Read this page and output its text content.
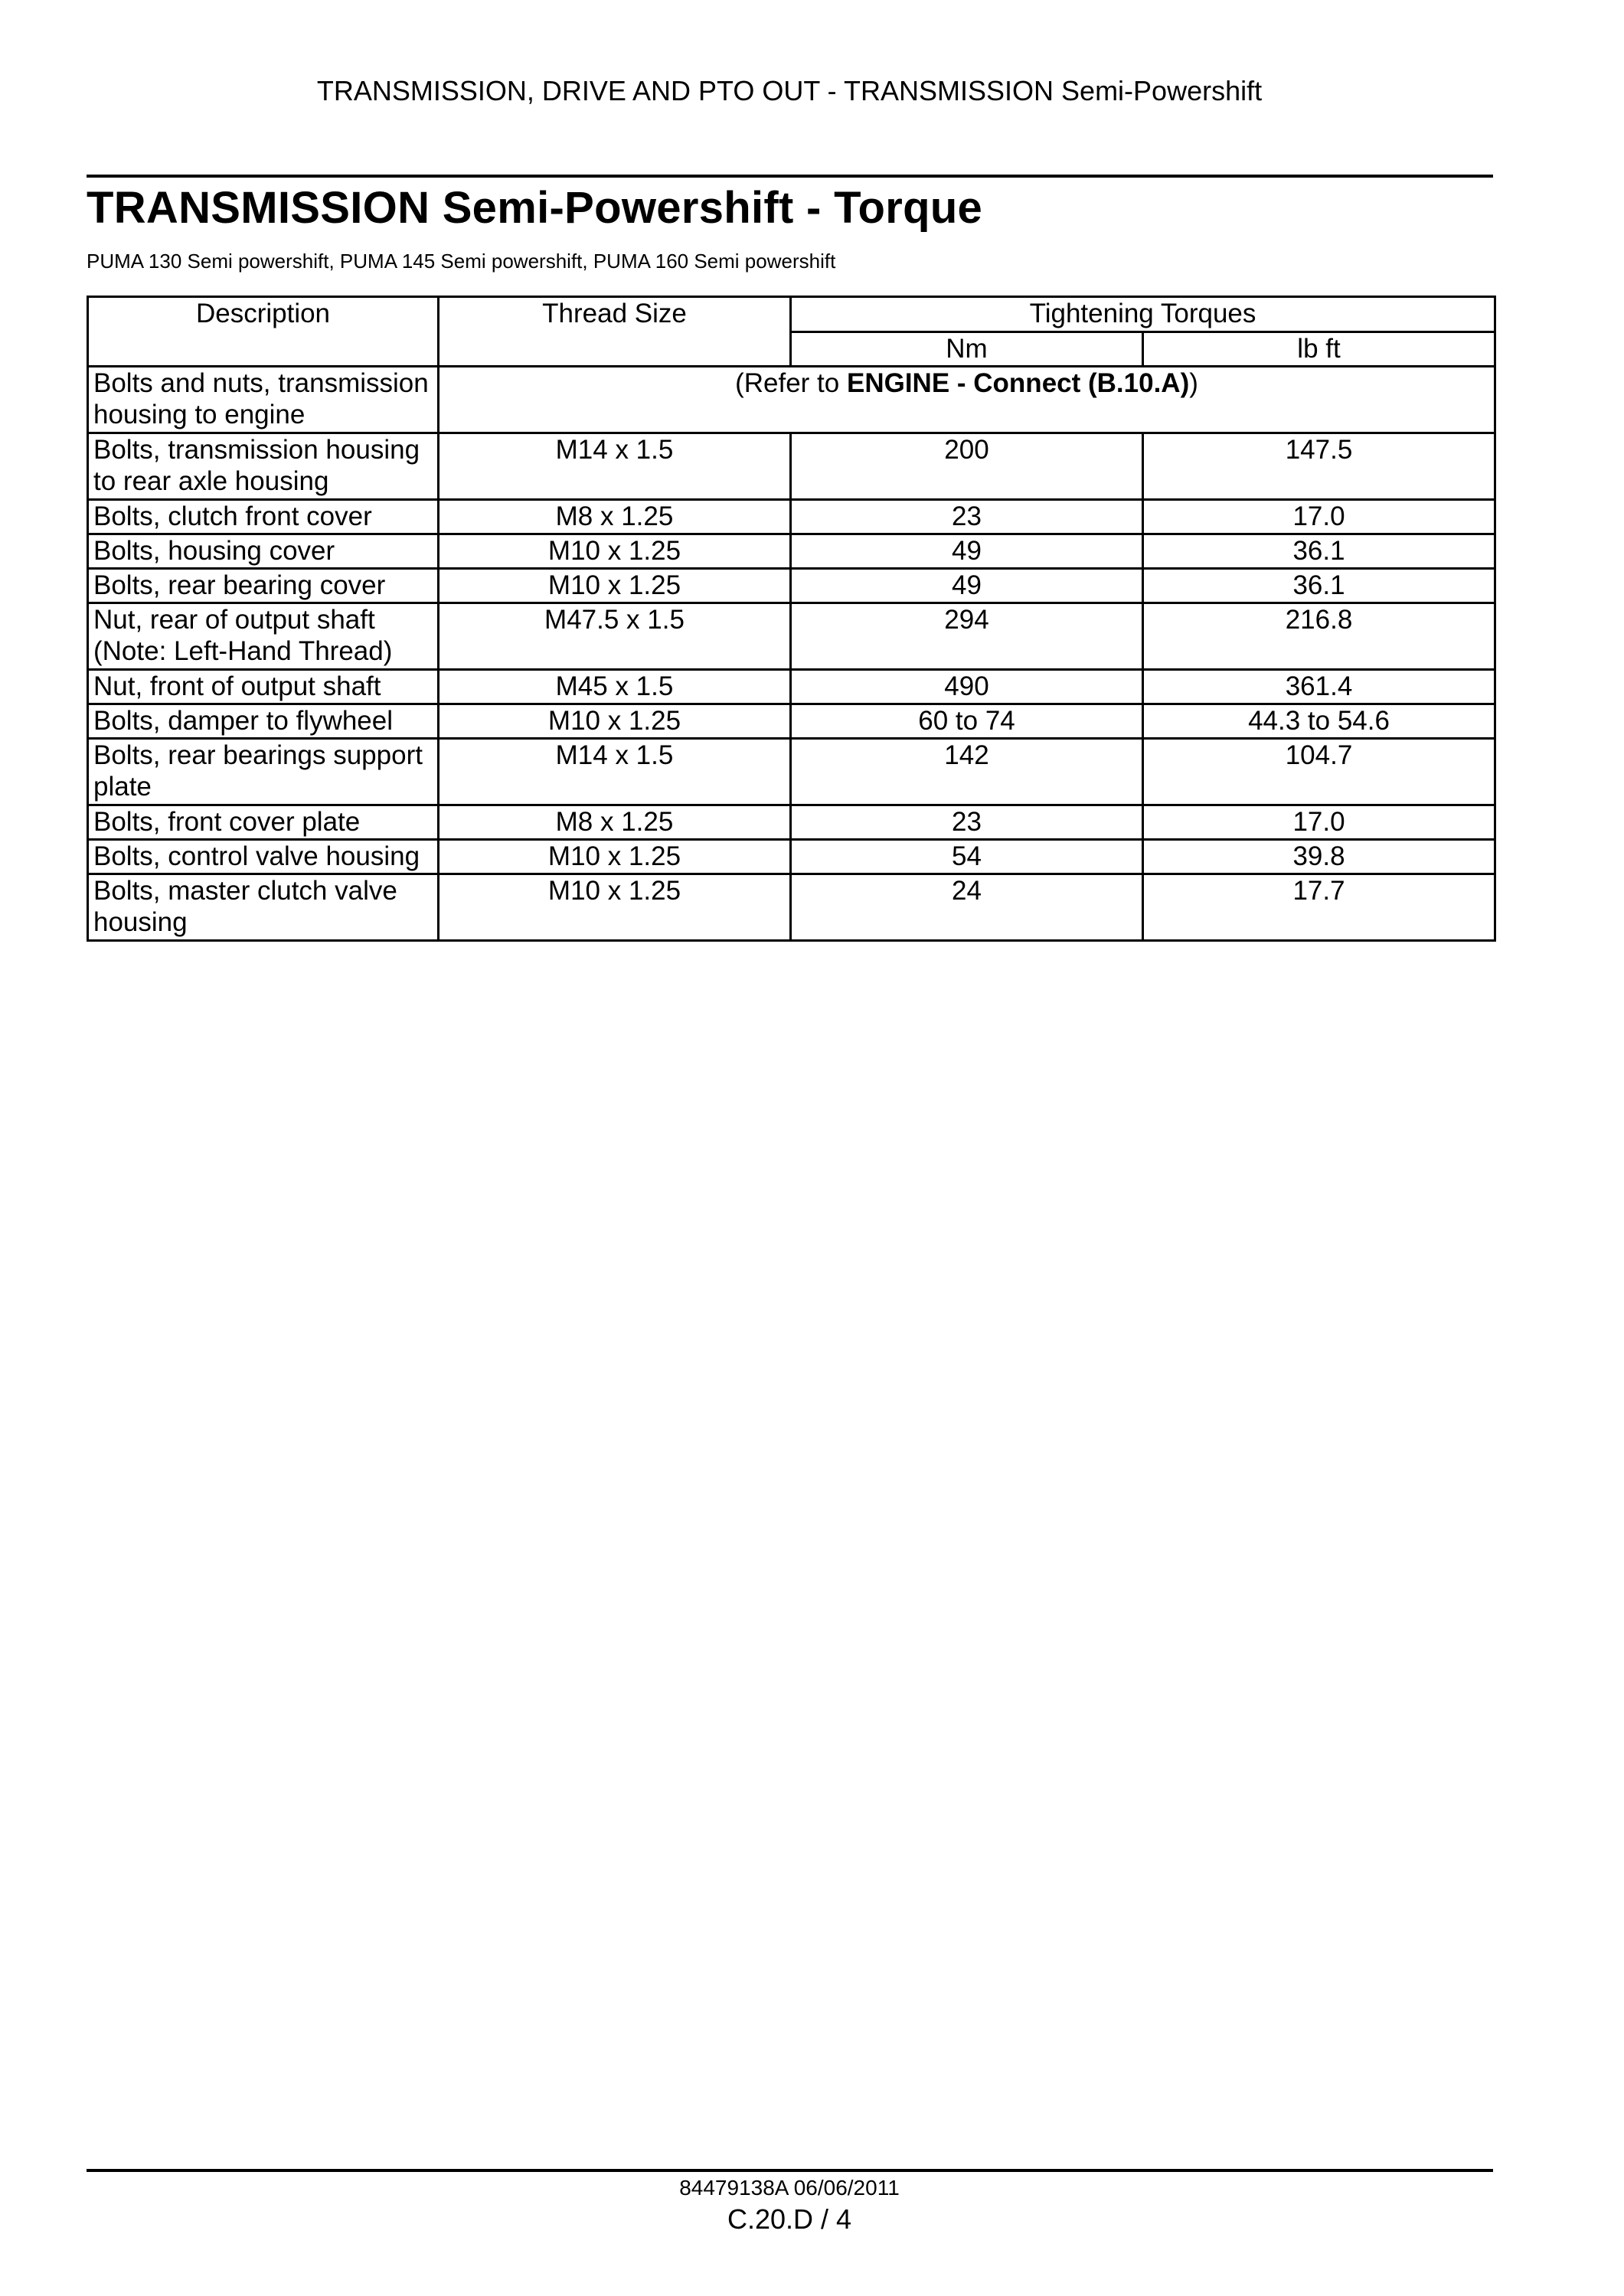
TRANSMISSION, DRIVE AND PTO OUT - TRANSMISSION Semi-Powershift
TRANSMISSION Semi-Powershift - Torque
PUMA 130 Semi powershift, PUMA 145 Semi powershift, PUMA 160 Semi powershift
Description	Thread Size	Tightening Torques	
		Nm	lb ft
Bolts and nuts, transmission housing to engine	(Refer to ENGINE - Connect (B.10.A))		
Bolts, transmission housing to rear axle housing	M14 x 1.5	200	147.5
Bolts, clutch front cover	M8 x 1.25	23	17.0
Bolts, housing cover	M10 x 1.25	49	36.1
Bolts, rear bearing cover	M10 x 1.25	49	36.1
Nut, rear of output shaft (Note: Left-Hand Thread)	M47.5 x 1.5	294	216.8
Nut, front of output shaft	M45 x 1.5	490	361.4
Bolts, damper to flywheel	M10 x 1.25	60 to 74	44.3 to 54.6
Bolts, rear bearings support plate	M14 x 1.5	142	104.7
Bolts, front cover plate	M8 x 1.25	23	17.0
Bolts, control valve housing	M10 x 1.25	54	39.8
Bolts, master clutch valve housing	M10 x 1.25	24	17.7
84479138A 06/06/2011
C.20.D / 4
